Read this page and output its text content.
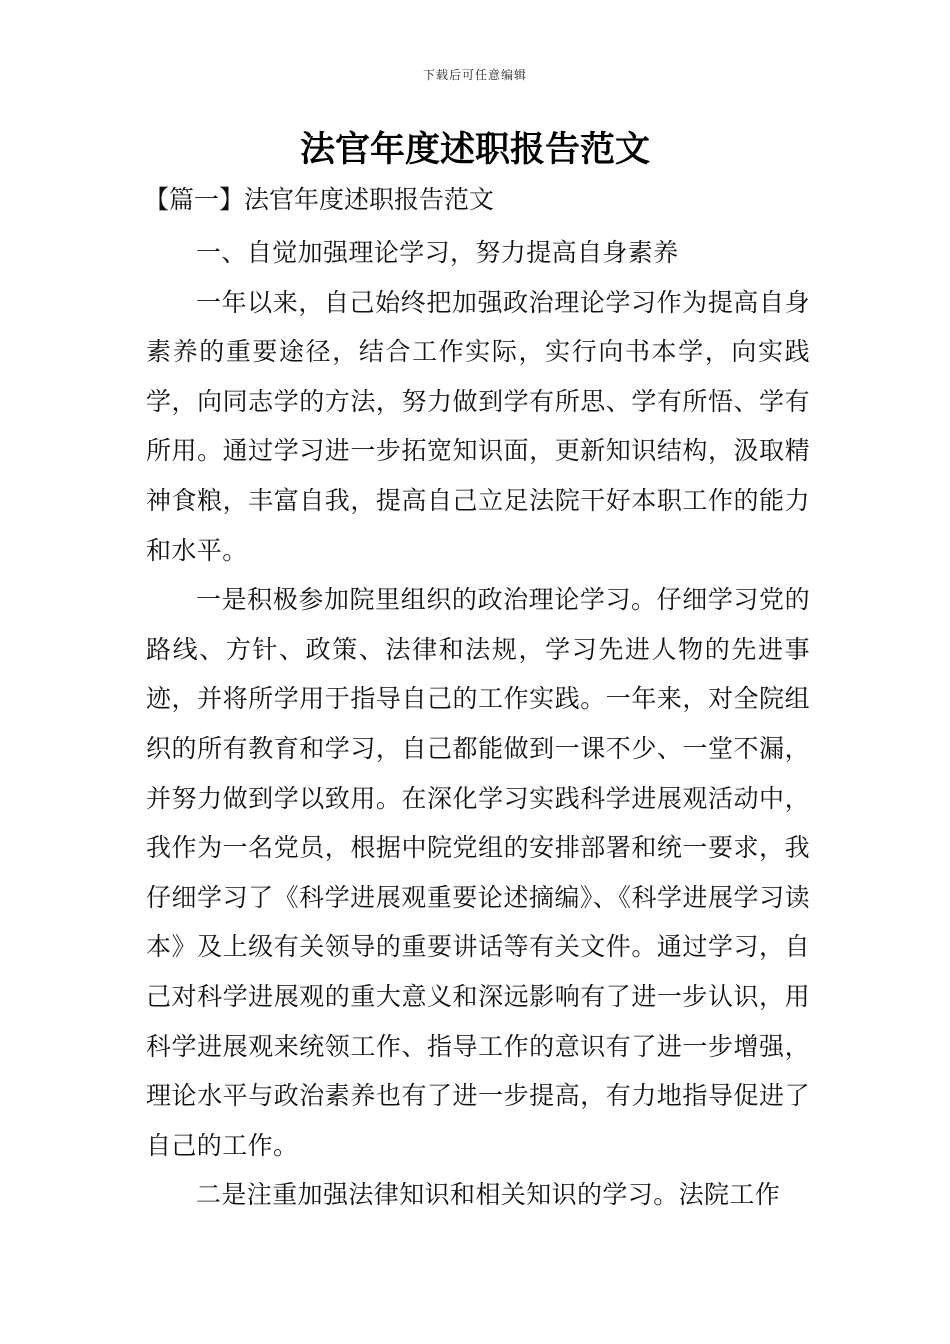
下载后可任意编辑
法官年度述职报告范文
【篇一】法官年度述职报告范文

一、自觉加强理论学习，努力提高自身素养

一年以来，自己始终把加强政治理论学习作为提高自身素养的重要途径，结合工作实际，实行向书本学，向实践学，向同志学的方法，努力做到学有所思、学有所悟、学有所用。通过学习进一步拓宽知识面，更新知识结构，汲取精神食粮，丰富自我，提高自己立足法院干好本职工作的能力和水平。

一是积极参加院里组织的政治理论学习。仔细学习党的路线、方针、政策、法律和法规，学习先进人物的先进事迹，并将所学用于指导自己的工作实践。一年来，对全院组织的所有教育和学习，自己都能做到一课不少、一堂不漏，并努力做到学以致用。在深化学习实践科学进展观活动中，我作为一名党员，根据中院党组的安排部署和统一要求，我仔细学习了《科学进展观重要论述摘编》、《科学进展学习读本》及上级有关领导的重要讲话等有关文件。通过学习，自己对科学进展观的重大意义和深远影响有了进一步认识，用科学进展观来统领工作、指导工作的意识有了进一步增强，理论水平与政治素养也有了进一步提高，有力地指导促进了自己的工作。

二是注重加强法律知识和相关知识的学习。法院工作
